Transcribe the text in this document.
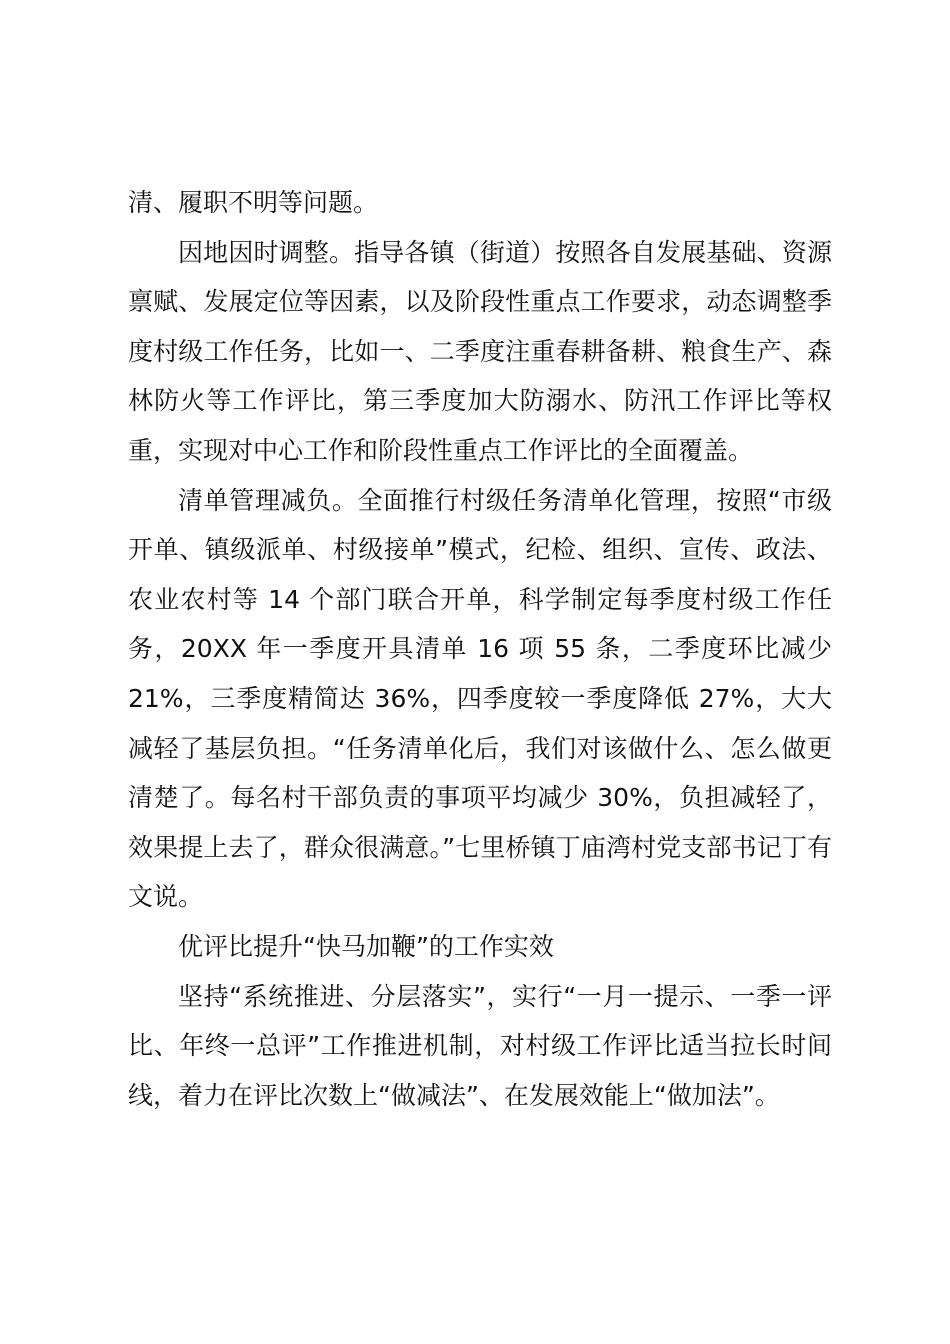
清、履职不明等问题。

因地因时调整。指导各镇（街道）按照各自发展基础、资源禀赋、发展定位等因素，以及阶段性重点工作要求，动态调整季度村级工作任务，比如一、二季度注重春耕备耕、粮食生产、森林防火等工作评比，第三季度加大防溺水、防汛工作评比等权重，实现对中心工作和阶段性重点工作评比的全面覆盖。

清单管理减负。全面推行村级任务清单化管理，按照“市级开单、镇级派单、村级接单”模式，纪检、组织、宣传、政法、农业农村等 14 个部门联合开单，科学制定每季度村级工作任务，20XX 年一季度开具清单 16 项 55 条，二季度环比减少 21%，三季度精简达 36%，四季度较一季度降低 27%，大大减轻了基层负担。“任务清单化后，我们对该做什么、怎么做更清楚了。每名村干部负责的事项平均减少 30%，负担减轻了，效果提上去了，群众很满意。”七里桥镇丁庙湾村党支部书记丁有文说。

优评比提升“快马加鞭”的工作实效

坚持“系统推进、分层落实”，实行“一月一提示、一季一评比、年终一总评”工作推进机制，对村级工作评比适当拉长时间线，着力在评比次数上“做减法”、在发展效能上“做加法”。
